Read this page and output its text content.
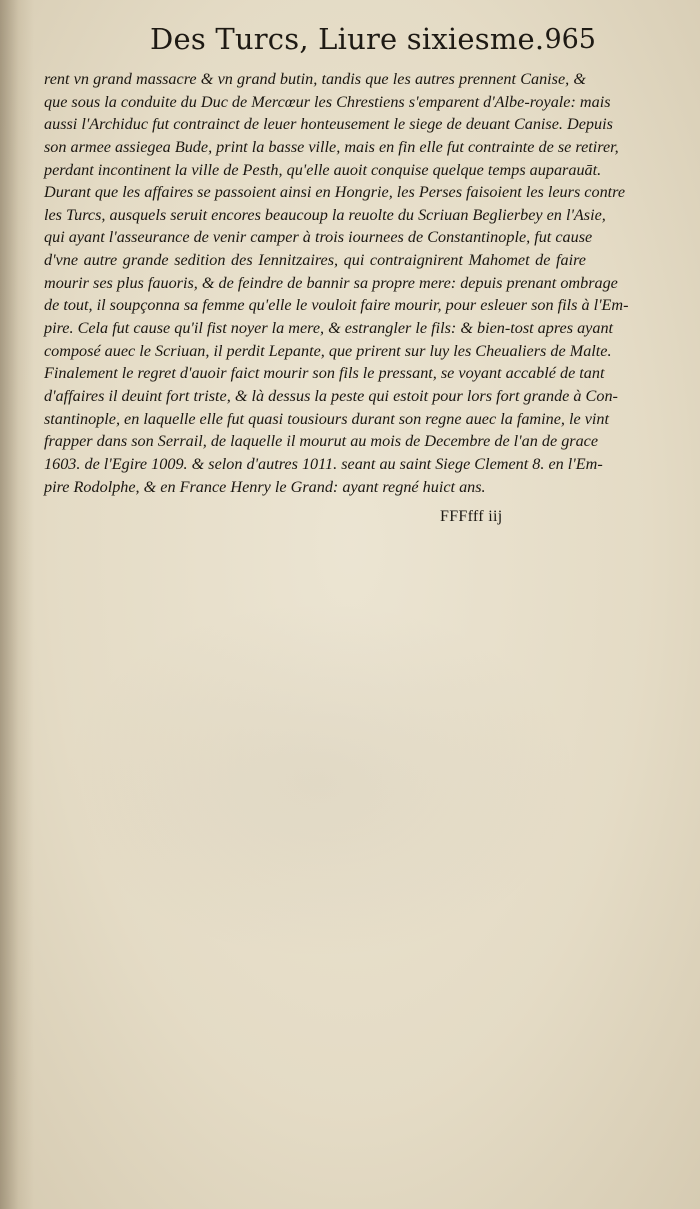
Des Turcs, Liure sixiesme. 965
rent vn grand massacre & vn grand butin, tandis que les autres prennent Canise, &
que sous la conduite du Duc de Mercœur les Chrestiens s'emparent d'Albe-royale: mais
aussi l'Archiduc fut contrainct de leuer honteusement le siege de deuant Canise. Depuis
son armee assiegea Bude, print la basse ville, mais en fin elle fut contrainte de se retirer,
perdant incontinent la ville de Pesth, qu'elle auoit conquise quelque temps auparauāt.
Durant que les affaires se passoient ainsi en Hongrie, les Perses faisoient les leurs contre
les Turcs, ausquels seruit encores beaucoup la reuolte du Scriuan Beglierbey en l'Asie,
qui ayant l'asseurance de venir camper à trois iournees de Constantinople, fut cause
d'vne autre grande sedition des Iennitzaires, qui contraignirent Mahomet de faire
mourir ses plus fauoris, & de feindre de bannir sa propre mere: depuis prenant ombrage
de tout, il soupçonna sa femme qu'elle le vouloit faire mourir, pour esleuer son fils à l'Em-
pire. Cela fut cause qu'il fist noyer la mere, & estrangler le fils: & bien-tost apres ayant
composé auec le Scriuan, il perdit Lepante, que prirent sur luy les Cheualiers de Malte.
Finalement le regret d'auoir faict mourir son fils le pressant, se voyant accablé de tant
d'affaires il deuint fort triste, & là dessus la peste qui estoit pour lors fort grande à Con-
stantinople, en laquelle elle fut quasi tousiours durant son regne auec la famine, le vint
frapper dans son Serrail, de laquelle il mourut au mois de Decembre de l'an de grace
1603. de l'Egire 1009. & selon d'autres 1011. seant au saint Siege Clement 8. en l'Em-
pire Rodolphe, & en France Henry le Grand: ayant regné huict ans.
FFFfff iij
